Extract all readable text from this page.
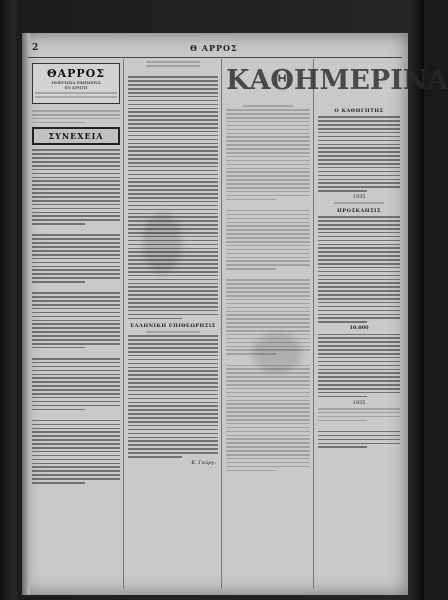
2	Θ ΑΡΡΟΣ
ΘΑΡΡΟΣ
ΗΜΕΡΗΣΙΑ ΕΦΗΜΕΡΙΣ
ΕΝ ΚΡΗΤΗ
ΣΥΝΕΧΕΙΑ
ΕΛΛΗΝΙΚΗ ΕΠΙΘΕΩΡΗΣΙΣ
Κ. Γεώργ.
ΚΑΘΗΜΕΡΙΝΑ
Ο ΚΑΘΗΓΗΤΗΣ
1935
ΠΡΟΣΚΛΗΣΙΣ
10.000
1935
